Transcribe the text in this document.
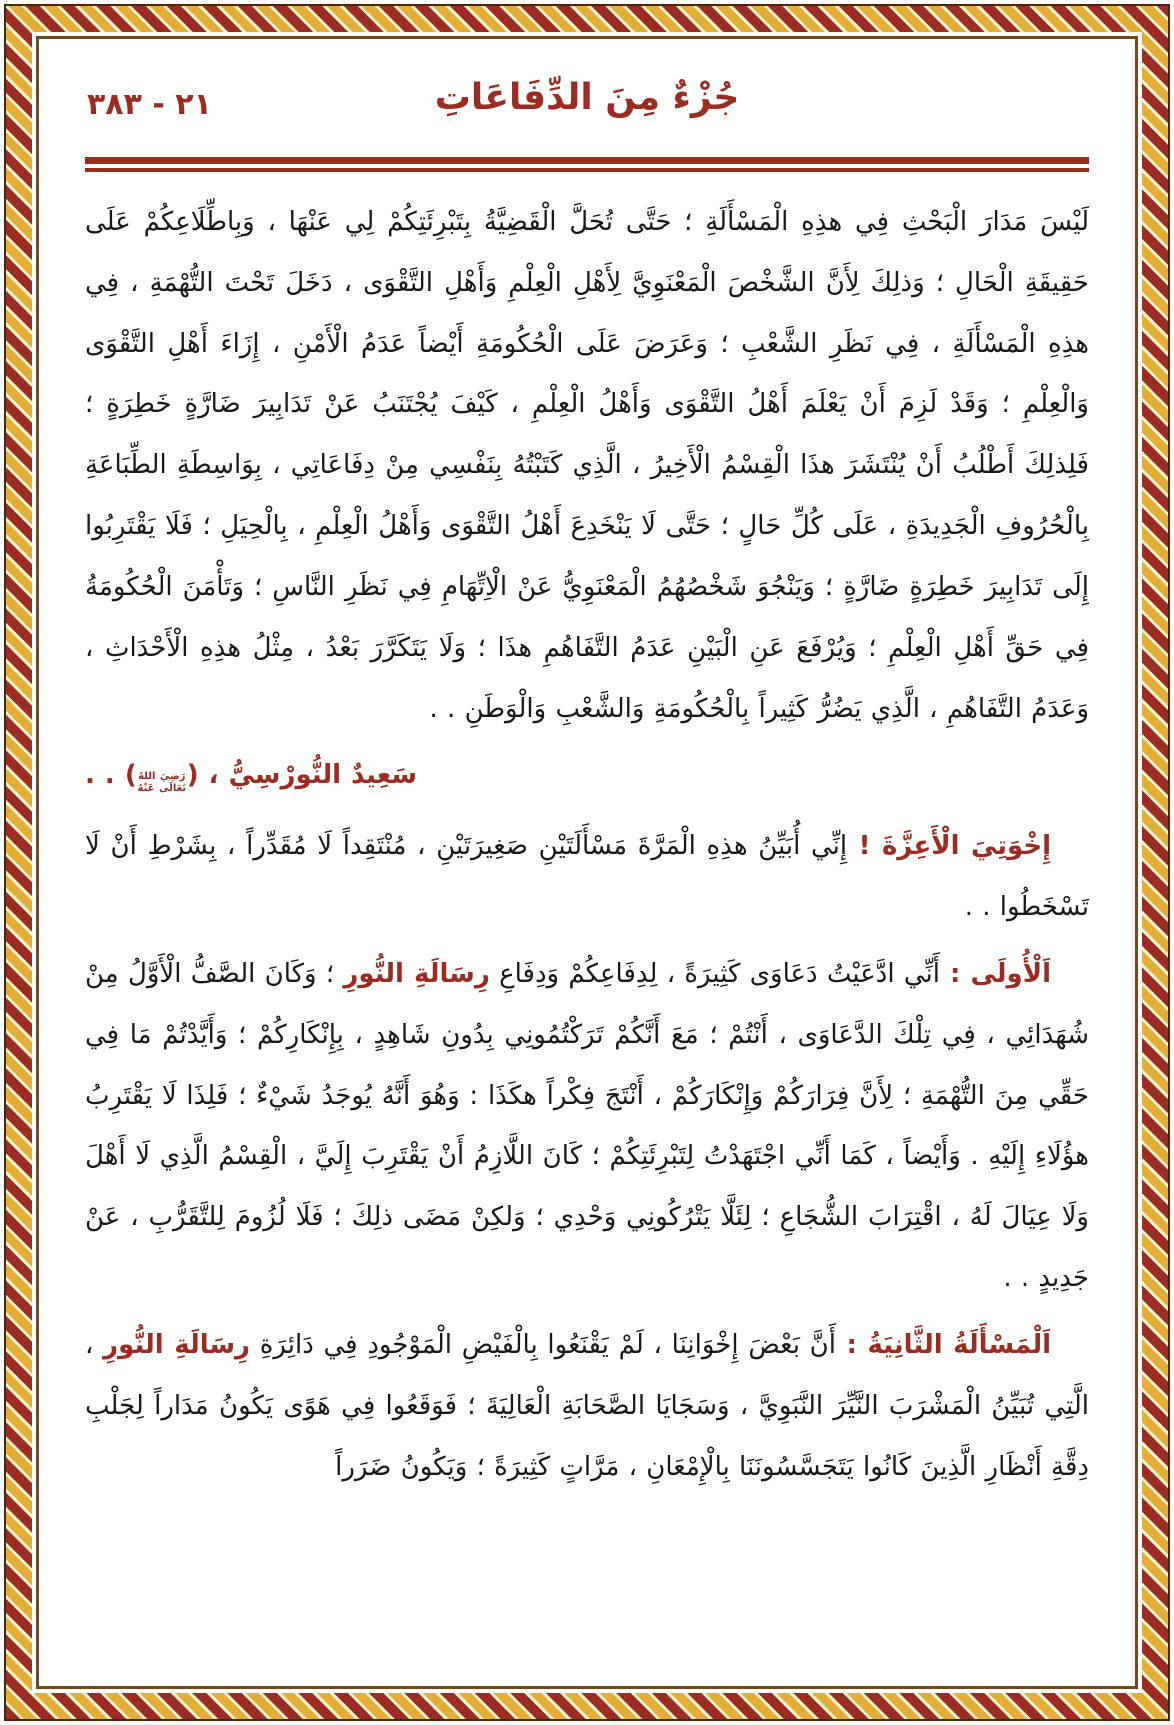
٢١ - ٣٨٣	جُزْءٌ مِنَ الدِّفَاعَاتِ
لَيْسَ مَدَارَ الْبَحْثِ فِي هذِهِ الْمَسْأَلَةِ ؛ حَتَّى تُحَلَّ الْقَضِيَّةُ بِتَبْرِئَتِكُمْ لِي عَنْهَا ، وَبِاطِّلَاعِكُمْ عَلَى حَقِيقَةِ الْحَالِ ؛ وَذلِكَ لِأَنَّ الشَّخْصَ الْمَعْنَوِيَّ لِأَهْلِ الْعِلْمِ وَأَهْلِ التَّقْوَى ، دَخَلَ تَحْتَ التُّهْمَةِ ، فِي هذِهِ الْمَسْأَلَةِ ، فِي نَظَرِ الشَّعْبِ ؛ وَعَرَضَ عَلَى الْحُكُومَةِ أَيْضاً عَدَمُ الْأَمْنِ ، إِزَاءَ أَهْلِ التَّقْوَى وَالْعِلْمِ ؛ وَقَدْ لَزِمَ أَنْ يَعْلَمَ أَهْلُ التَّقْوَى وَأَهْلُ الْعِلْمِ ، كَيْفَ يُجْتَنَبُ عَنْ تَدَابِيرَ ضَارَّةٍ خَطِرَةٍ ؛ فَلِذلِكَ أَطْلُبُ أَنْ يُنْتَشَرَ هذَا الْقِسْمُ الْأَخِيرُ ، الَّذِي كَتَبْتُهُ بِنَفْسِي مِنْ دِفَاعَاتِي ، بِوَاسِطَةِ الطِّبَاعَةِ بِالْحُرُوفِ الْجَدِيدَةِ ، عَلَى كُلِّ حَالٍ ؛ حَتَّى لَا يَنْخَدِعَ أَهْلُ التَّقْوَى وَأَهْلُ الْعِلْمِ ، بِالْحِيَلِ ؛ فَلَا يَقْتَرِبُوا إِلَى تَدَابِيرَ خَطِرَةٍ ضَارَّةٍ ؛ وَيَنْجُوَ شَخْصُهُمُ الْمَعْنَوِيُّ عَنْ الْاِتِّهَامِ فِي نَظَرِ النَّاسِ ؛ وَتَأْمَنَ الْحُكُومَةُ فِي حَقِّ أَهْلِ الْعِلْمِ ؛ وَيُرْفَعَ عَنِ الْبَيْنِ عَدَمُ التَّفَاهُمِ هذَا ؛ وَلَا يَتَكَرَّرَ بَعْدُ ، مِثْلُ هذِهِ الْأَحْدَاثِ ، وَعَدَمُ التَّفَاهُمِ ، الَّذِي يَضُرُّ كَثِيراً بِالْحُكُومَةِ وَالشَّعْبِ وَالْوَطَنِ . .
سَعِيدٌ النُّورْسِيُّ ، (رَضِيَ اللهُ تَعَالَى عَنْهُ) . .
إِخْوَتِيَ الْأَعِزَّةَ ! إِنِّي أُبَيِّنُ هذِهِ الْمَرَّةَ مَسْأَلَتَيْنِ صَغِيرَتَيْنِ ، مُنْتَقِداً لَا مُقَدِّراً ، بِشَرْطِ أَنْ لَا تَسْخَطُوا . .
اَلْأُولَى : أَنِّي ادَّعَيْتُ دَعَاوَى كَثِيرَةً ، لِدِفَاعِكُمْ وَدِفَاعِ رِسَالَةِ النُّورِ ؛ وَكَانَ الصَّفُّ الْأَوَّلُ مِنْ شُهَدَائِي ، فِي تِلْكَ الدَّعَاوَى ، أَنْتُمْ ؛ مَعَ أَنَّكُمْ تَرَكْتُمُونِي بِدُونِ شَاهِدٍ ، بِإِنْكَارِكُمْ ؛ وَأَيَّدْتُمْ مَا فِي حَقِّي مِنَ التُّهْمَةِ ؛ لِأَنَّ فِرَارَكُمْ وَإِنْكَارَكُمْ ، أَنْتَجَ فِكْراً هكَذَا : وَهُوَ أَنَّهُ يُوجَدُ شَيْءٌ ؛ فَلِذَا لَا يَقْتَرِبُ هؤُلَاءِ إِلَيْهِ . وَأَيْضاً ، كَمَا أَنِّي اجْتَهَدْتُ لِتَبْرِئَتِكُمْ ؛ كَانَ اللَّازِمُ أَنْ يَقْتَرِبَ إِلَيَّ ، الْقِسْمُ الَّذِي لَا أَهْلَ وَلَا عِيَالَ لَهُ ، اقْتِرَابَ الشُّجَاعِ ؛ لِئَلَّا يَتْرُكُونِي وَحْدِي ؛ وَلكِنْ مَضَى ذلِكَ ؛ فَلَا لُزُومَ لِلتَّقَرُّبِ ، عَنْ جَدِيدٍ . .
اَلْمَسْأَلَةُ الثَّانِيَةُ : أَنَّ بَعْضَ إِخْوَانِنَا ، لَمْ يَقْنَعُوا بِالْفَيْضِ الْمَوْجُودِ فِي دَائِرَةِ رِسَالَةِ النُّورِ ، الَّتِي تُبَيِّنُ الْمَشْرَبَ النَّيِّرَ النَّبَوِيَّ ، وَسَجَايَا الصَّحَابَةِ الْعَالِيَةَ ؛ فَوَقَعُوا فِي هَوًى يَكُونُ مَدَاراً لِجَلْبِ دِقَّةِ أَنْظَارِ الَّذِينَ كَانُوا يَتَجَسَّسُونَنَا بِالْإِمْعَانِ ، مَرَّاتٍ كَثِيرَةً ؛ وَيَكُونُ ضَرَراً
